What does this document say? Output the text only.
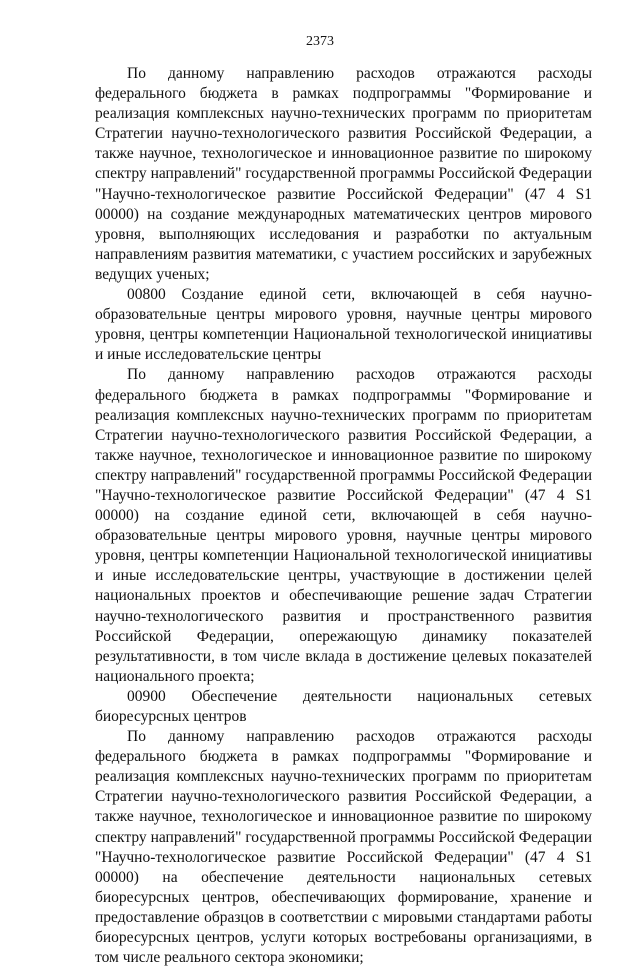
2373

По данному направлению расходов отражаются расходы федерального бюджета в рамках подпрограммы "Формирование и реализация комплексных научно-технических программ по приоритетам Стратегии научно-технологического развития Российской Федерации, а также научное, технологическое и инновационное развитие по широкому спектру направлений" государственной программы Российской Федерации "Научно-технологическое развитие Российской Федерации" (47 4 S1 00000) на создание международных математических центров мирового уровня, выполняющих исследования и разработки по актуальным направлениям развития математики, с участием российских и зарубежных ведущих ученых;

00800 Создание единой сети, включающей в себя научно-образовательные центры мирового уровня, научные центры мирового уровня, центры компетенции Национальной технологической инициативы и иные исследовательские центры

По данному направлению расходов отражаются расходы федерального бюджета в рамках подпрограммы "Формирование и реализация комплексных научно-технических программ по приоритетам Стратегии научно-технологического развития Российской Федерации, а также научное, технологическое и инновационное развитие по широкому спектру направлений" государственной программы Российской Федерации "Научно-технологическое развитие Российской Федерации" (47 4 S1 00000) на создание единой сети, включающей в себя научно-образовательные центры мирового уровня, научные центры мирового уровня, центры компетенции Национальной технологической инициативы и иные исследовательские центры, участвующие в достижении целей национальных проектов и обеспечивающие решение задач Стратегии научно-технологического развития и пространственного развития Российской Федерации, опережающую динамику показателей результативности, в том числе вклада в достижение целевых показателей национального проекта;

00900 Обеспечение деятельности национальных сетевых биоресурсных центров

По данному направлению расходов отражаются расходы федерального бюджета в рамках подпрограммы "Формирование и реализация комплексных научно-технических программ по приоритетам Стратегии научно-технологического развития Российской Федерации, а также научное, технологическое и инновационное развитие по широкому спектру направлений" государственной программы Российской Федерации "Научно-технологическое развитие Российской Федерации" (47 4 S1 00000) на обеспечение деятельности национальных сетевых биоресурсных центров, обеспечивающих формирование, хранение и предоставление образцов в соответствии с мировыми стандартами работы биоресурсных центров, услуги которых востребованы организациями, в том числе реального сектора экономики;
